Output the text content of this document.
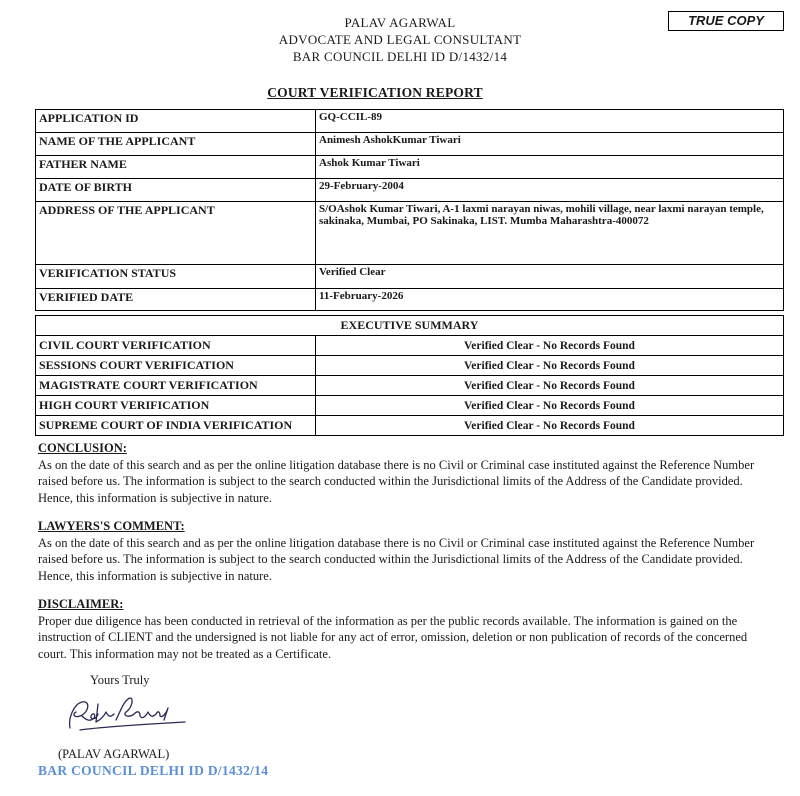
PALAV AGARWAL
ADVOCATE AND LEGAL CONSULTANT
BAR COUNCIL DELHI ID D/1432/14
TRUE COPY
COURT VERIFICATION REPORT
APPLICATION ID	GQ-CCIL-89
NAME OF THE APPLICANT	Animesh AshokKumar Tiwari
FATHER NAME	Ashok Kumar Tiwari
DATE OF BIRTH	29-February-2004
ADDRESS OF THE APPLICANT	S/OAshok Kumar Tiwari, A-1 laxmi narayan niwas, mohili village, near laxmi narayan temple, sakinaka, Mumbai, PO Sakinaka, LIST. Mumba Maharashtra-400072
VERIFICATION STATUS	Verified Clear
VERIFIED DATE	11-February-2026
EXECUTIVE SUMMARY	
CIVIL COURT VERIFICATION	Verified Clear - No Records Found
SESSIONS COURT VERIFICATION	Verified Clear - No Records Found
MAGISTRATE COURT VERIFICATION	Verified Clear - No Records Found
HIGH COURT VERIFICATION	Verified Clear - No Records Found
SUPREME COURT OF INDIA VERIFICATION	Verified Clear - No Records Found
CONCLUSION:

As on the date of this search and as per the online litigation database there is no Civil or Criminal case instituted against the Reference Number raised before us. The information is subject to the search conducted within the Jurisdictional limits of the Address of the Candidate provided. Hence, this information is subjective in nature.

LAWYERS'S COMMENT:

As on the date of this search and as per the online litigation database there is no Civil or Criminal case instituted against the Reference Number raised before us. The information is subject to the search conducted within the Jurisdictional limits of the Address of the Candidate provided. Hence, this information is subjective in nature.

DISCLAIMER:

Proper due diligence has been conducted in retrieval of the information as per the public records available. The information is gained on the instruction of CLIENT and the undersigned is not liable for any act of error, omission, deletion or non publication of records of the concerned court. This information may not be treated as a Certificate.

Yours Truly
(PALAV AGARWAL)
BAR COUNCIL DELHI ID D/1432/14
